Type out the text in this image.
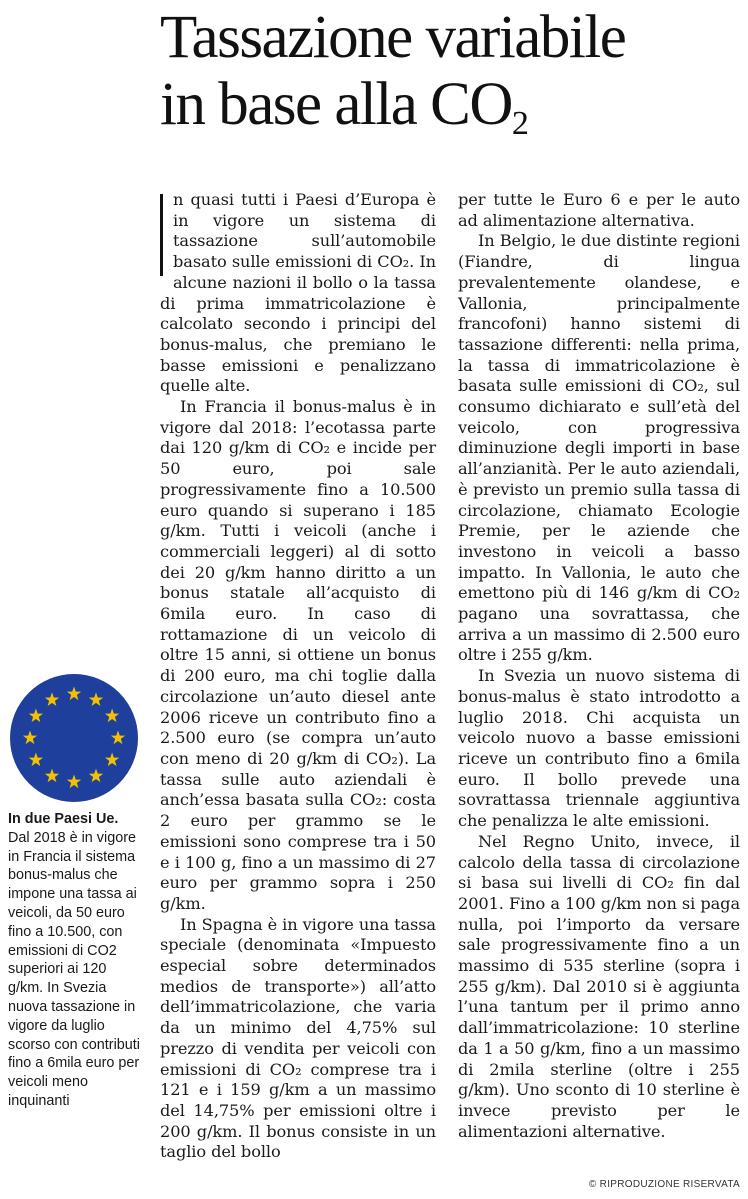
Tassazione variabile
in base alla $CO_2$

n quasi tutti i Paesi d’Europa è in vigore un sistema di tassazione sull’automobile basato sulle emissioni di CO₂. In alcune nazioni il bollo o la tassa di prima immatricolazione è calcolato secondo i principi del bonus-malus, che premiano le basse emissioni e penalizzano quelle alte.

In Francia il bonus-malus è in vigore dal 2018: l’ecotassa parte dai 120 g/km di CO₂ e incide per 50 euro, poi sale progressivamente fino a 10.500 euro quando si superano i 185 g/km. Tutti i veicoli (anche i commerciali leggeri) al di sotto dei 20 g/km hanno diritto a un bonus statale all’acquisto di 6mila euro. In caso di rottamazione di un veicolo di oltre 15 anni, si ottiene un bonus di 200 euro, ma chi toglie dalla circolazione un’auto diesel ante 2006 riceve un contributo fino a 2.500 euro (se compra un’auto con meno di 20 g/km di CO₂). La tassa sulle auto aziendali è anch’essa basata sulla CO₂: costa 2 euro per grammo se le emissioni sono comprese tra i 50 e i 100 g, fino a un massimo di 27 euro per grammo sopra i 250 g/km.

In Spagna è in vigore una tassa speciale (denominata «Impuesto especial sobre determinados medios de transporte») all’atto dell’immatricolazione, che varia da un minimo del 4,75% sul prezzo di vendita per veicoli con emissioni di CO₂ comprese tra i 121 e i 159 g/km a un massimo del 14,75% per emissioni oltre i 200 g/km. Il bonus consiste in un taglio del bollo

per tutte le Euro 6 e per le auto ad alimentazione alternativa.

In Belgio, le due distinte regioni (Fiandre, di lingua prevalentemente olandese, e Vallonia, principalmente francofoni) hanno sistemi di tassazione differenti: nella prima, la tassa di immatricolazione è basata sulle emissioni di CO₂, sul consumo dichiarato e sull’età del veicolo, con progressiva diminuzione degli importi in base all’anzianità. Per le auto aziendali, è previsto un premio sulla tassa di circolazione, chiamato Ecologie Premie, per le aziende che investono in veicoli a basso impatto. In Vallonia, le auto che emettono più di 146 g/km di CO₂ pagano una sovrattassa, che arriva a un massimo di 2.500 euro oltre i 255 g/km.

In Svezia un nuovo sistema di bonus-malus è stato introdotto a luglio 2018. Chi acquista un veicolo nuovo a basse emissioni riceve un contributo fino a 6mila euro. Il bollo prevede una sovrattassa triennale aggiuntiva che penalizza le alte emissioni.

Nel Regno Unito, invece, il calcolo della tassa di circolazione si basa sui livelli di CO₂ fin dal 2001. Fino a 100 g/km non si paga nulla, poi l’importo da versare sale progressivamente fino a un massimo di 535 sterline (sopra i 255 g/km). Dal 2010 si è aggiunta l’una tantum per il primo anno dall’immatricolazione: 10 sterline da 1 a 50 g/km, fino a un massimo di 2mila sterline (oltre i 255 g/km). Uno sconto di 10 sterline è invece previsto per le alimentazioni alternative.

In due Paesi Ue.
Dal 2018 è in vigore in Francia il sistema bonus-malus che impone una tassa ai veicoli, da 50 euro fino a 10.500, con emissioni di CO2 superiori ai 120 g/km. In Svezia nuova tassazione in vigore da luglio scorso con contributi fino a 6mila euro per veicoli meno inquinanti
© RIPRODUZIONE RISERVATA
